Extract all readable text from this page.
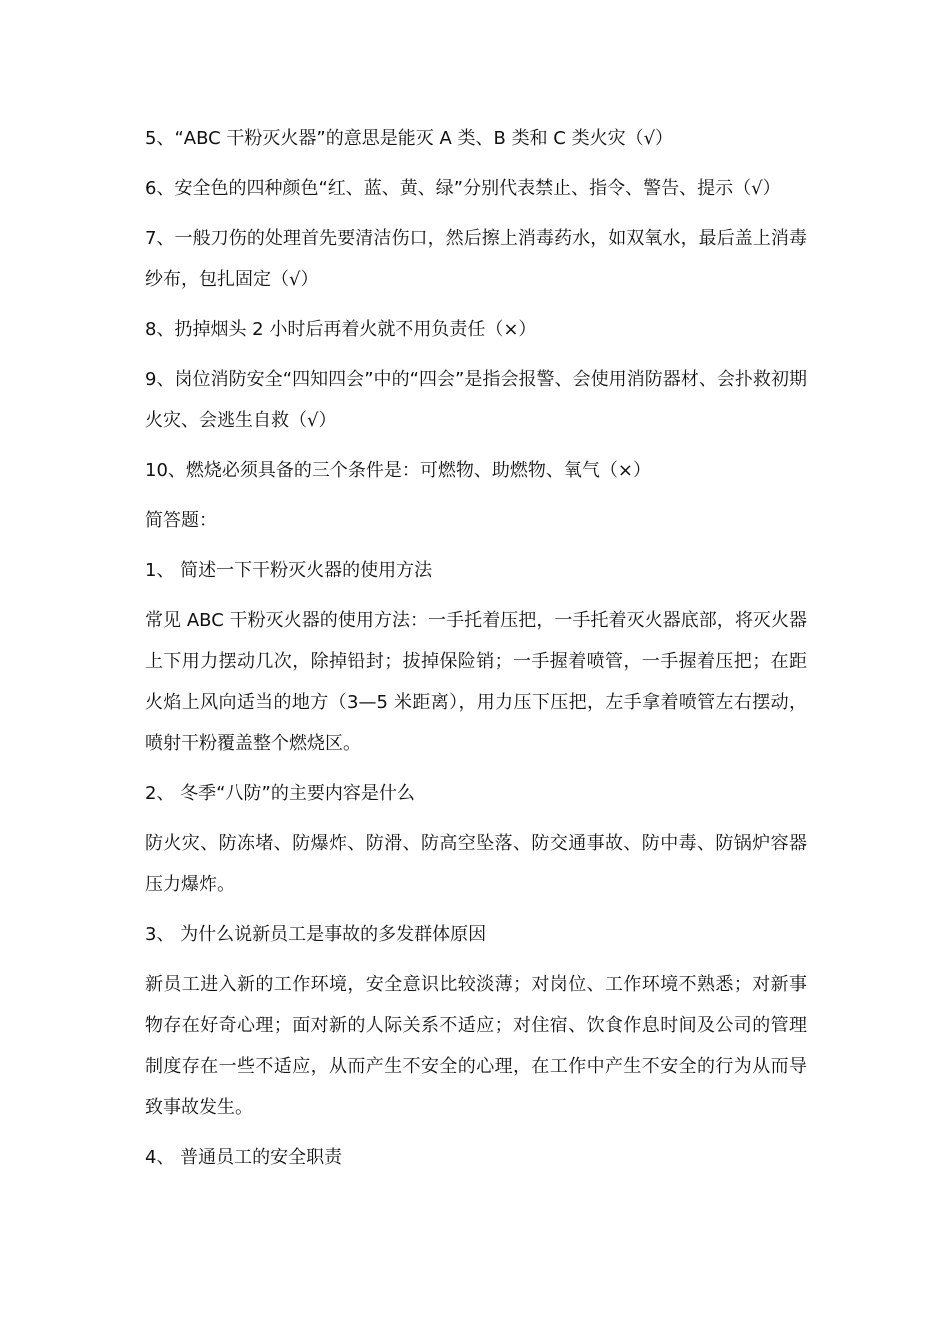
5、“ABC 干粉灭火器”的意思是能灭 A 类、B 类和 C 类火灾（√）

6、安全色的四种颜色“红、蓝、黄、绿”分别代表禁止、指令、警告、提示（√）

7、一般刀伤的处理首先要清洁伤口，然后擦上消毒药水，如双氧水，最后盖上消毒纱布，包扎固定（√）

8、扔掉烟头 2 小时后再着火就不用负责任（×）

9、岗位消防安全“四知四会”中的“四会”是指会报警、会使用消防器材、会扑救初期火灾、会逃生自救（√）

10、燃烧必须具备的三个条件是：可燃物、助燃物、氧气（×）

简答题：

1、 简述一下干粉灭火器的使用方法

常见 ABC 干粉灭火器的使用方法：一手托着压把，一手托着灭火器底部，将灭火器上下用力摆动几次，除掉铅封；拔掉保险销；一手握着喷管，一手握着压把；在距火焰上风向适当的地方（3—5 米距离），用力压下压把，左手拿着喷管左右摆动，喷射干粉覆盖整个燃烧区。

2、 冬季“八防”的主要内容是什么

防火灾、防冻堵、防爆炸、防滑、防高空坠落、防交通事故、防中毒、防锅炉容器压力爆炸。

3、 为什么说新员工是事故的多发群体原因

新员工进入新的工作环境，安全意识比较淡薄；对岗位、工作环境不熟悉；对新事物存在好奇心理；面对新的人际关系不适应；对住宿、饮食作息时间及公司的管理制度存在一些不适应，从而产生不安全的心理，在工作中产生不安全的行为从而导致事故发生。

4、 普通员工的安全职责
